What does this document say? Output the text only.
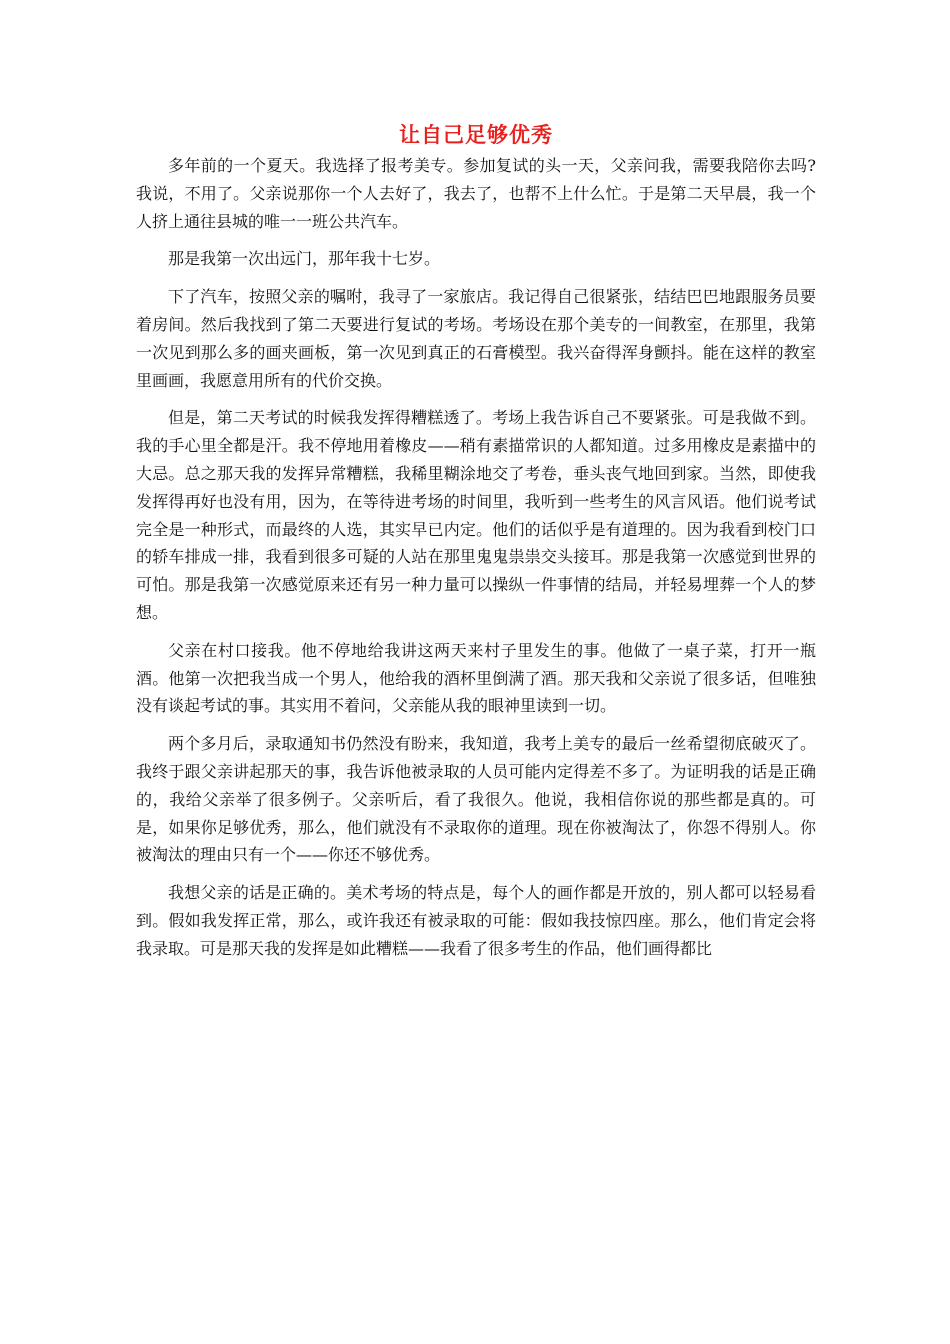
让自己足够优秀

多年前的一个夏天。我选择了报考美专。参加复试的头一天，父亲问我，需要我陪你去吗?我说，不用了。父亲说那你一个人去好了，我去了，也帮不上什么忙。于是第二天早晨，我一个人挤上通往县城的唯一一班公共汽车。

那是我第一次出远门，那年我十七岁。

下了汽车，按照父亲的嘱咐，我寻了一家旅店。我记得自己很紧张，结结巴巴地跟服务员要着房间。然后我找到了第二天要进行复试的考场。考场设在那个美专的一间教室，在那里，我第一次见到那么多的画夹画板，第一次见到真正的石膏模型。我兴奋得浑身颤抖。能在这样的教室里画画，我愿意用所有的代价交换。

但是，第二天考试的时候我发挥得糟糕透了。考场上我告诉自己不要紧张。可是我做不到。我的手心里全都是汗。我不停地用着橡皮——稍有素描常识的人都知道。过多用橡皮是素描中的大忌。总之那天我的发挥异常糟糕，我稀里糊涂地交了考卷，垂头丧气地回到家。当然，即使我发挥得再好也没有用，因为，在等待进考场的时间里，我听到一些考生的风言风语。他们说考试完全是一种形式，而最终的人选，其实早已内定。他们的话似乎是有道理的。因为我看到校门口的轿车排成一排，我看到很多可疑的人站在那里鬼鬼祟祟交头接耳。那是我第一次感觉到世界的可怕。那是我第一次感觉原来还有另一种力量可以操纵一件事情的结局，并轻易埋葬一个人的梦想。

父亲在村口接我。他不停地给我讲这两天来村子里发生的事。他做了一桌子菜，打开一瓶酒。他第一次把我当成一个男人，他给我的酒杯里倒满了酒。那天我和父亲说了很多话，但唯独没有谈起考试的事。其实用不着问，父亲能从我的眼神里读到一切。

两个多月后，录取通知书仍然没有盼来，我知道，我考上美专的最后一丝希望彻底破灭了。我终于跟父亲讲起那天的事，我告诉他被录取的人员可能内定得差不多了。为证明我的话是正确的，我给父亲举了很多例子。父亲听后，看了我很久。他说，我相信你说的那些都是真的。可是，如果你足够优秀，那么，他们就没有不录取你的道理。现在你被淘汰了，你怨不得别人。你被淘汰的理由只有一个——你还不够优秀。

我想父亲的话是正确的。美术考场的特点是，每个人的画作都是开放的，别人都可以轻易看到。假如我发挥正常，那么，或许我还有被录取的可能：假如我技惊四座。那么，他们肯定会将我录取。可是那天我的发挥是如此糟糕——我看了很多考生的作品，他们画得都比
